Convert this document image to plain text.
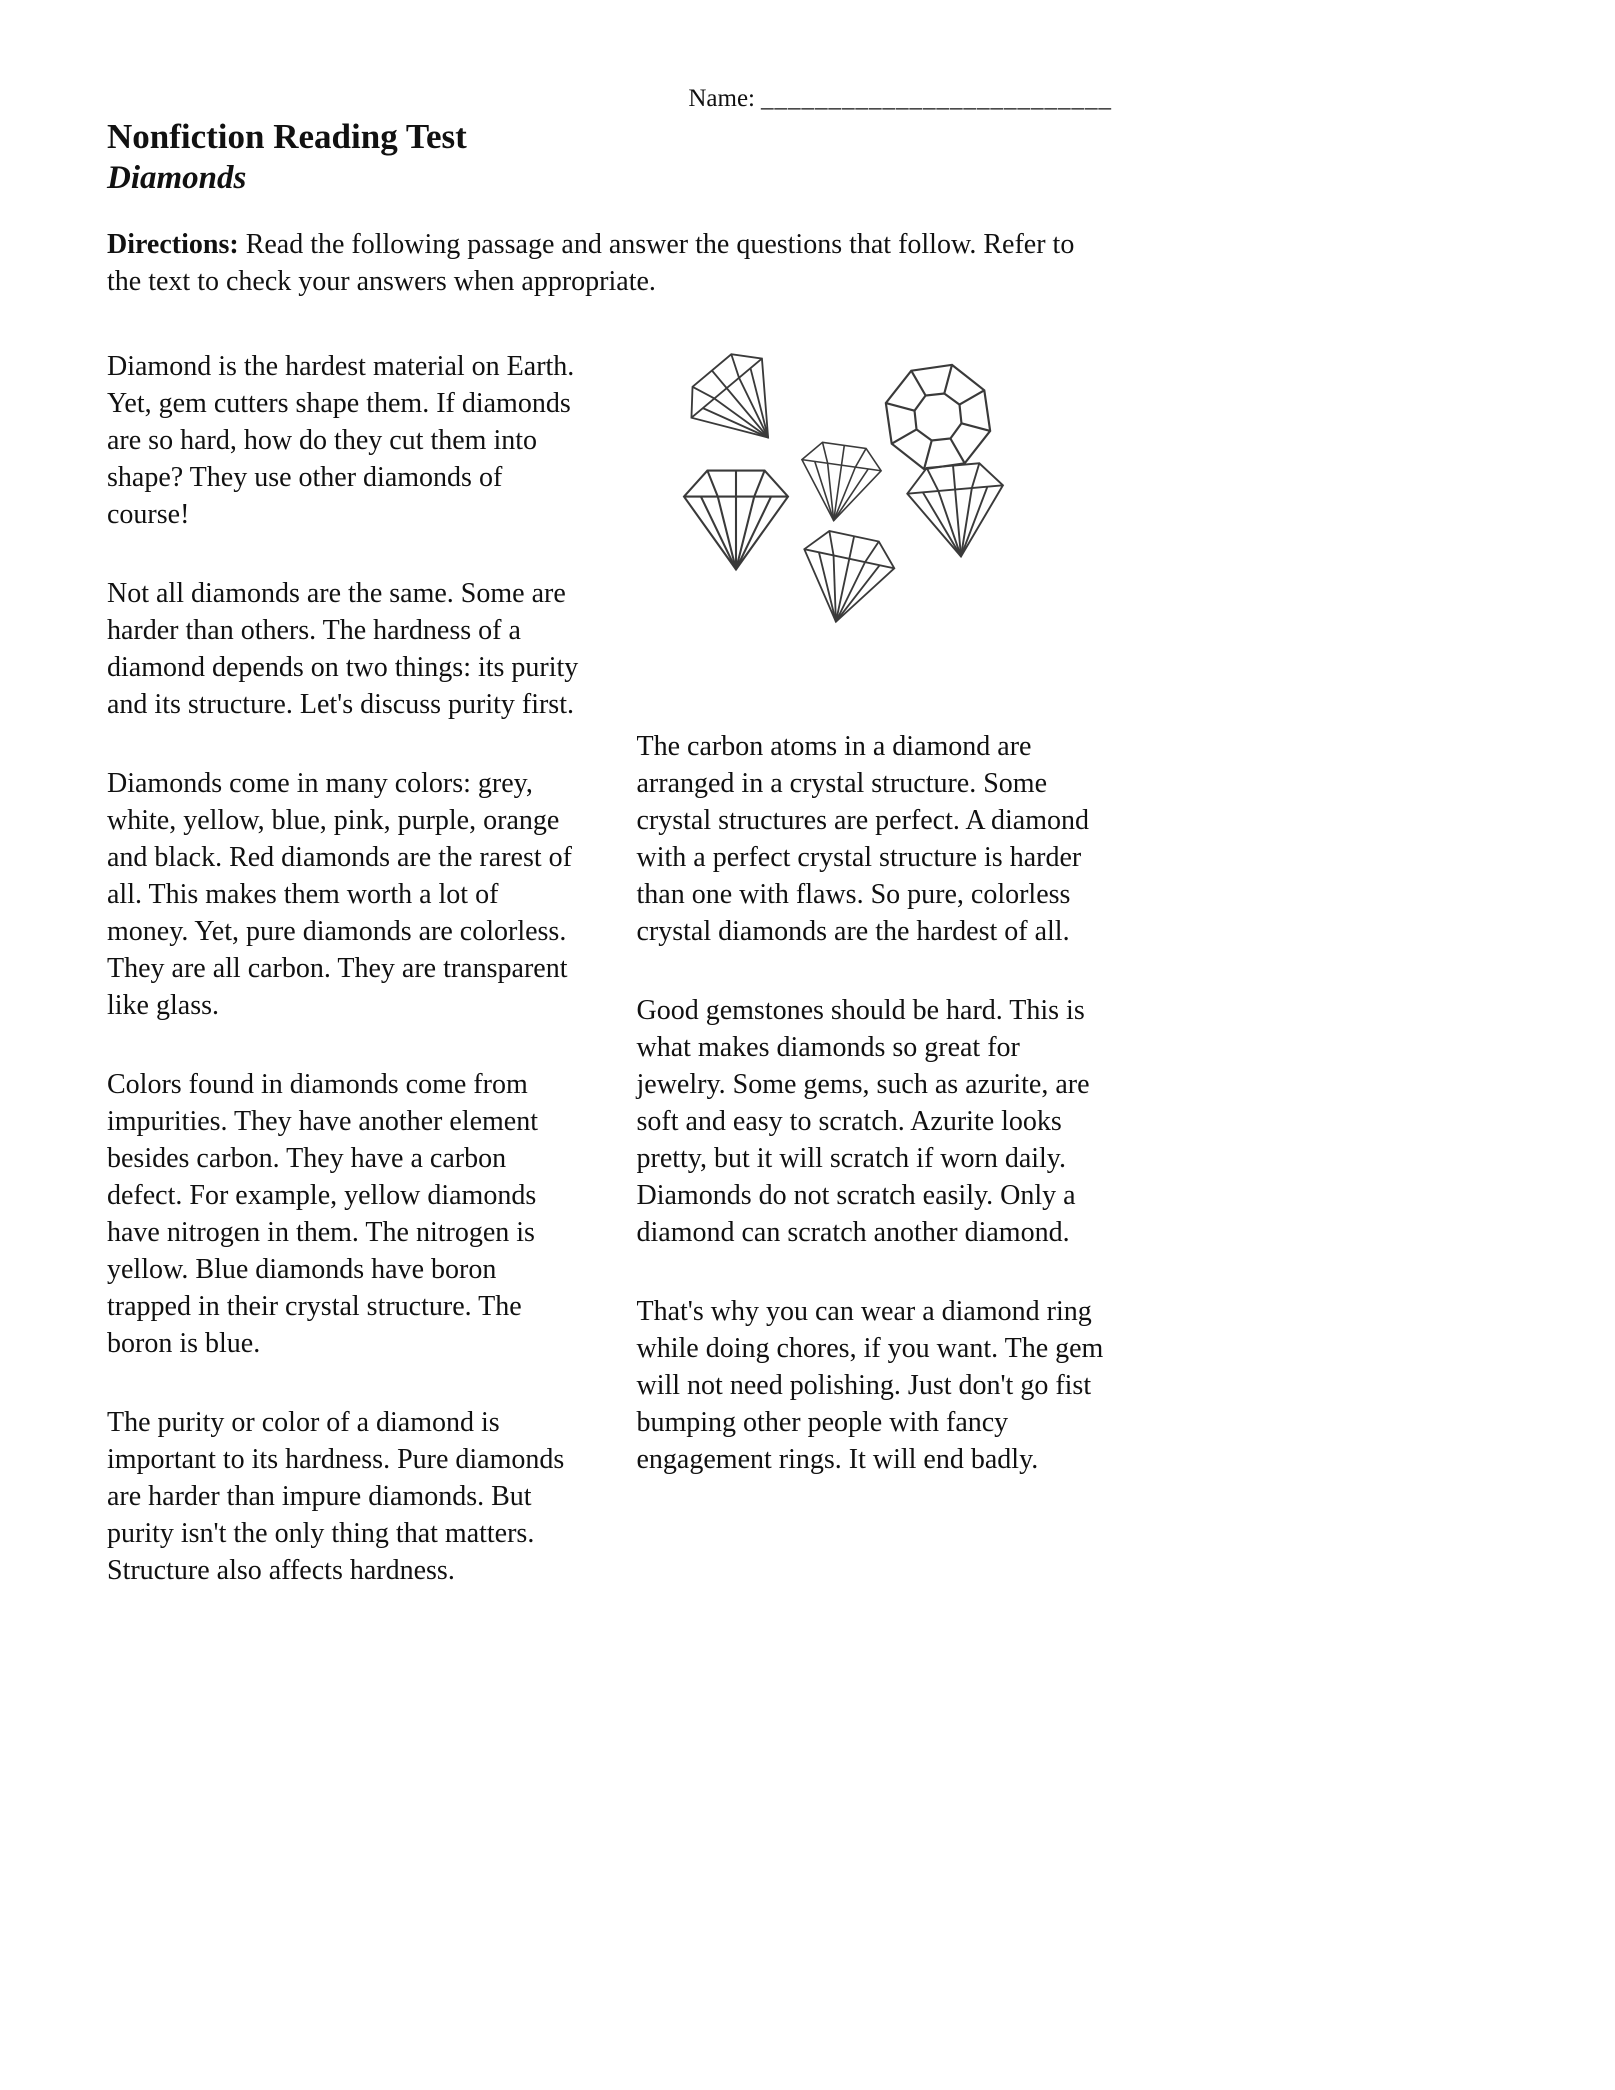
Name: __________________________
Nonfiction Reading Test
Diamonds

Directions: Read the following passage and answer the questions that follow. Refer to the text to check your answers when appropriate.

Diamond is the hardest material on Earth. Yet, gem cutters shape them. If diamonds are so hard, how do they cut them into shape? They use other diamonds of course!

Not all diamonds are the same. Some are harder than others. The hardness of a diamond depends on two things: its purity and its structure. Let's discuss purity first.

Diamonds come in many colors: grey, white, yellow, blue, pink, purple, orange and black. Red diamonds are the rarest of all. This makes them worth a lot of money. Yet, pure diamonds are colorless. They are all carbon. They are transparent like glass.

Colors found in diamonds come from impurities. They have another element besides carbon. They have a carbon defect. For example, yellow diamonds have nitrogen in them. The nitrogen is yellow. Blue diamonds have boron trapped in their crystal structure. The boron is blue.

The purity or color of a diamond is important to its hardness. Pure diamonds are harder than impure diamonds. But purity isn't the only thing that matters. Structure also affects hardness.

The carbon atoms in a diamond are arranged in a crystal structure. Some crystal structures are perfect. A diamond with a perfect crystal structure is harder than one with flaws. So pure, colorless crystal diamonds are the hardest of all.

Good gemstones should be hard. This is what makes diamonds so great for jewelry. Some gems, such as azurite, are soft and easy to scratch. Azurite looks pretty, but it will scratch if worn daily. Diamonds do not scratch easily. Only a diamond can scratch another diamond.

That's why you can wear a diamond ring while doing chores, if you want. The gem will not need polishing. Just don't go fist bumping other people with fancy engagement rings. It will end badly.
